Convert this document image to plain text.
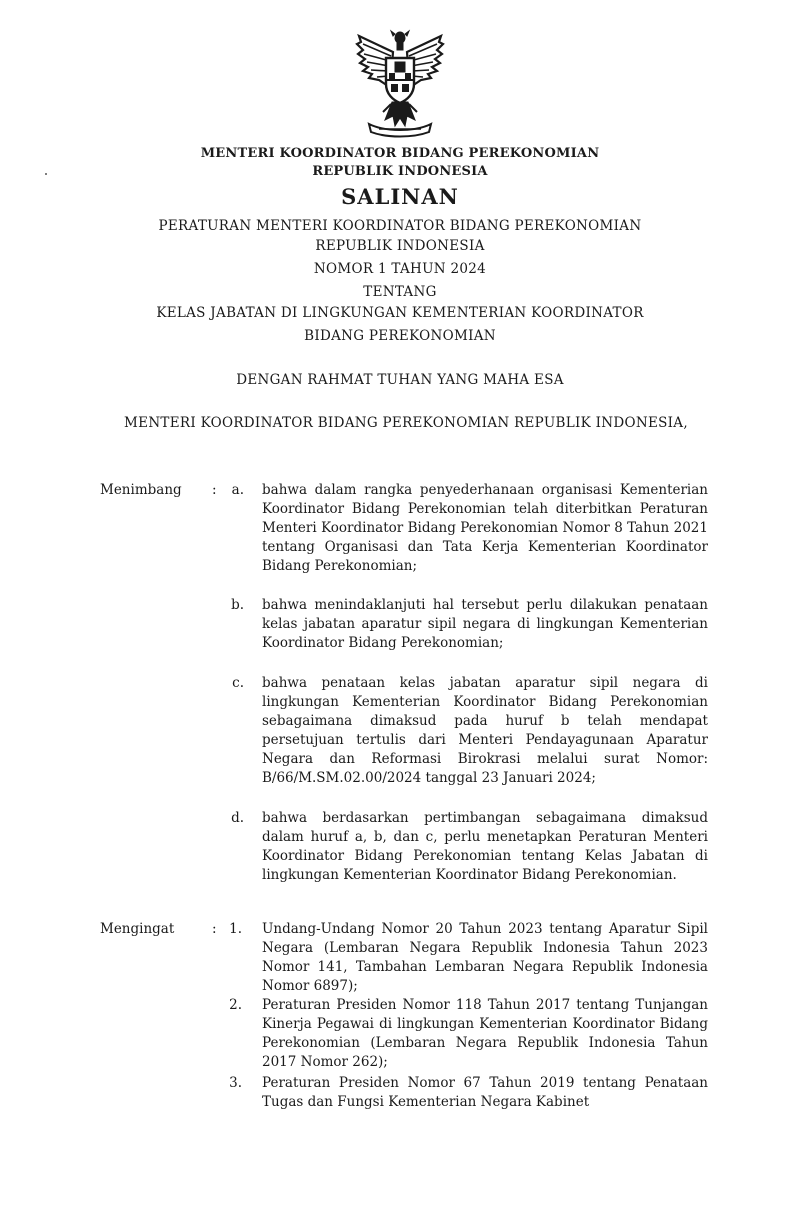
MENTERI KOORDINATOR BIDANG PEREKONOMIAN
REPUBLIK INDONESIA
SALINAN
PERATURAN MENTERI KOORDINATOR BIDANG PEREKONOMIAN
REPUBLIK INDONESIA
NOMOR 1 TAHUN 2024
TENTANG
KELAS JABATAN DI LINGKUNGAN KEMENTERIAN KOORDINATOR
BIDANG PEREKONOMIAN
DENGAN RAHMAT TUHAN YANG MAHA ESA
MENTERI KOORDINATOR BIDANG PEREKONOMIAN REPUBLIK INDONESIA,
Menimbang :	a. bahwa dalam rangka penyederhanaan organisasi Kementerian Koordinator Bidang Perekonomian telah diterbitkan Peraturan Menteri Koordinator Bidang Perekonomian Nomor 8 Tahun 2021 tentang Organisasi dan Tata Kerja Kementerian Koordinator Bidang Perekonomian;

b. bahwa menindaklanjuti hal tersebut perlu dilakukan penataan kelas jabatan aparatur sipil negara di lingkungan Kementerian Koordinator Bidang Perekonomian;

c. bahwa penataan kelas jabatan aparatur sipil negara di lingkungan Kementerian Koordinator Bidang Perekonomian sebagaimana dimaksud pada huruf b telah mendapat persetujuan tertulis dari Menteri Pendayagunaan Aparatur Negara dan Reformasi Birokrasi melalui surat Nomor: B/66/M.SM.02.00/2024 tanggal 23 Januari 2024;

d. bahwa berdasarkan pertimbangan sebagaimana dimaksud dalam huruf a, b, dan c, perlu menetapkan Peraturan Menteri Koordinator Bidang Perekonomian tentang Kelas Jabatan di lingkungan Kementerian Koordinator Bidang Perekonomian.

Mengingat	: 1. Undang-Undang Nomor 20 Tahun 2023 tentang Aparatur Sipil Negara (Lembaran Negara Republik Indonesia Tahun 2023 Nomor 141, Tambahan Lembaran Negara Republik Indonesia Nomor 6897);

2. Peraturan Presiden Nomor 118 Tahun 2017 tentang Tunjangan Kinerja Pegawai di lingkungan Kementerian Koordinator Bidang Perekonomian (Lembaran Negara Republik Indonesia Tahun 2017 Nomor 262);

3. Peraturan Presiden Nomor 67 Tahun 2019 tentang Penataan Tugas dan Fungsi Kementerian Negara Kabinet
